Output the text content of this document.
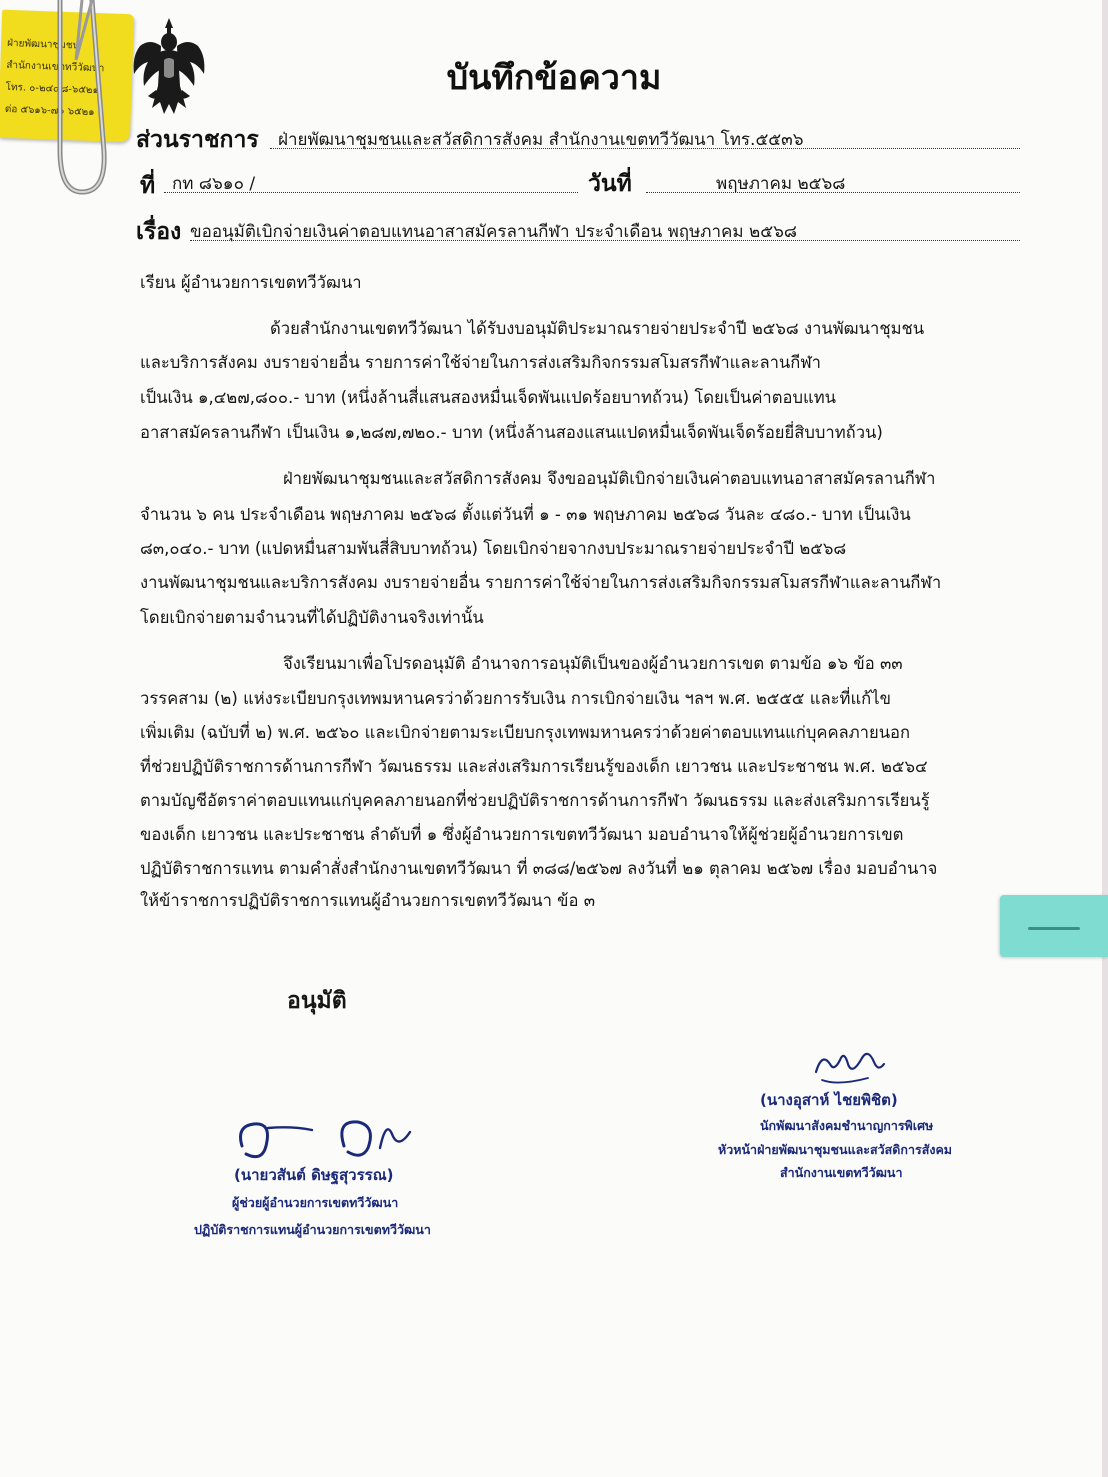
ฝ่ายพัฒนาชุมชน
สำนักงานเขตทวีวัฒนา
โทร. ๐-๒๔๔๘-๖๕๒๑
ต่อ ๕๖๑๖-๗๑ ๖๕๒๑
บันทึกข้อความ
ส่วนราชการ ฝ่ายพัฒนาชุมชนและสวัสดิการสังคม สำนักงานเขตทวีวัฒนา โทร.๕๕๓๖
ที่ กท ๘๖๑๐ /	วันที่	พฤษภาคม ๒๕๖๘
เรื่อง ขออนุมัติเบิกจ่ายเงินค่าตอบแทนอาสาสมัครลานกีฬา ประจำเดือน พฤษภาคม ๒๕๖๘
เรียน ผู้อำนวยการเขตทวีวัฒนา
ด้วยสำนักงานเขตทวีวัฒนา ได้รับงบอนุมัติประมาณรายจ่ายประจำปี ๒๕๖๘ งานพัฒนาชุมชน
และบริการสังคม งบรายจ่ายอื่น รายการค่าใช้จ่ายในการส่งเสริมกิจกรรมสโมสรกีฬาและลานกีฬา
เป็นเงิน ๑,๔๒๗,๘๐๐.- บาท (หนึ่งล้านสี่แสนสองหมื่นเจ็ดพันแปดร้อยบาทถ้วน) โดยเป็นค่าตอบแทน
อาสาสมัครลานกีฬา เป็นเงิน ๑,๒๘๗,๗๒๐.- บาท (หนึ่งล้านสองแสนแปดหมื่นเจ็ดพันเจ็ดร้อยยี่สิบบาทถ้วน)
ฝ่ายพัฒนาชุมชนและสวัสดิการสังคม จึงขออนุมัติเบิกจ่ายเงินค่าตอบแทนอาสาสมัครลานกีฬา
จำนวน ๖ คน ประจำเดือน พฤษภาคม ๒๕๖๘ ตั้งแต่วันที่ ๑ - ๓๑ พฤษภาคม ๒๕๖๘ วันละ ๔๘๐.- บาท เป็นเงิน
๘๓,๐๔๐.- บาท (แปดหมื่นสามพันสี่สิบบาทถ้วน) โดยเบิกจ่ายจากงบประมาณรายจ่ายประจำปี ๒๕๖๘
งานพัฒนาชุมชนและบริการสังคม งบรายจ่ายอื่น รายการค่าใช้จ่ายในการส่งเสริมกิจกรรมสโมสรกีฬาและลานกีฬา
โดยเบิกจ่ายตามจำนวนที่ได้ปฏิบัติงานจริงเท่านั้น
จึงเรียนมาเพื่อโปรดอนุมัติ อำนาจการอนุมัติเป็นของผู้อำนวยการเขต ตามข้อ ๑๖ ข้อ ๓๓
วรรคสาม (๒) แห่งระเบียบกรุงเทพมหานครว่าด้วยการรับเงิน การเบิกจ่ายเงิน ฯลฯ พ.ศ. ๒๕๕๕ และที่แก้ไข
เพิ่มเติม (ฉบับที่ ๒) พ.ศ. ๒๕๖๐ และเบิกจ่ายตามระเบียบกรุงเทพมหานครว่าด้วยค่าตอบแทนแก่บุคคลภายนอก
ที่ช่วยปฏิบัติราชการด้านการกีฬา วัฒนธรรม และส่งเสริมการเรียนรู้ของเด็ก เยาวชน และประชาชน พ.ศ. ๒๕๖๔
ตามบัญชีอัตราค่าตอบแทนแก่บุคคลภายนอกที่ช่วยปฏิบัติราชการด้านการกีฬา วัฒนธรรม และส่งเสริมการเรียนรู้
ของเด็ก เยาวชน และประชาชน ลำดับที่ ๑ ซึ่งผู้อำนวยการเขตทวีวัฒนา มอบอำนาจให้ผู้ช่วยผู้อำนวยการเขต
ปฏิบัติราชการแทน ตามคำสั่งสำนักงานเขตทวีวัฒนา ที่ ๓๘๘/๒๕๖๗ ลงวันที่ ๒๑ ตุลาคม ๒๕๖๗ เรื่อง มอบอำนาจ
ให้ข้าราชการปฏิบัติราชการแทนผู้อำนวยการเขตทวีวัฒนา ข้อ ๓
อนุมัติ
(นางอุสาห์ ไชยพิชิต)
นักพัฒนาสังคมชำนาญการพิเศษ
หัวหน้าฝ่ายพัฒนาชุมชนและสวัสดิการสังคม
สำนักงานเขตทวีวัฒนา
(นายวสันต์ ดิษฐสุวรรณ)
ผู้ช่วยผู้อำนวยการเขตทวีวัฒนา
ปฏิบัติราชการแทนผู้อำนวยการเขตทวีวัฒนา
